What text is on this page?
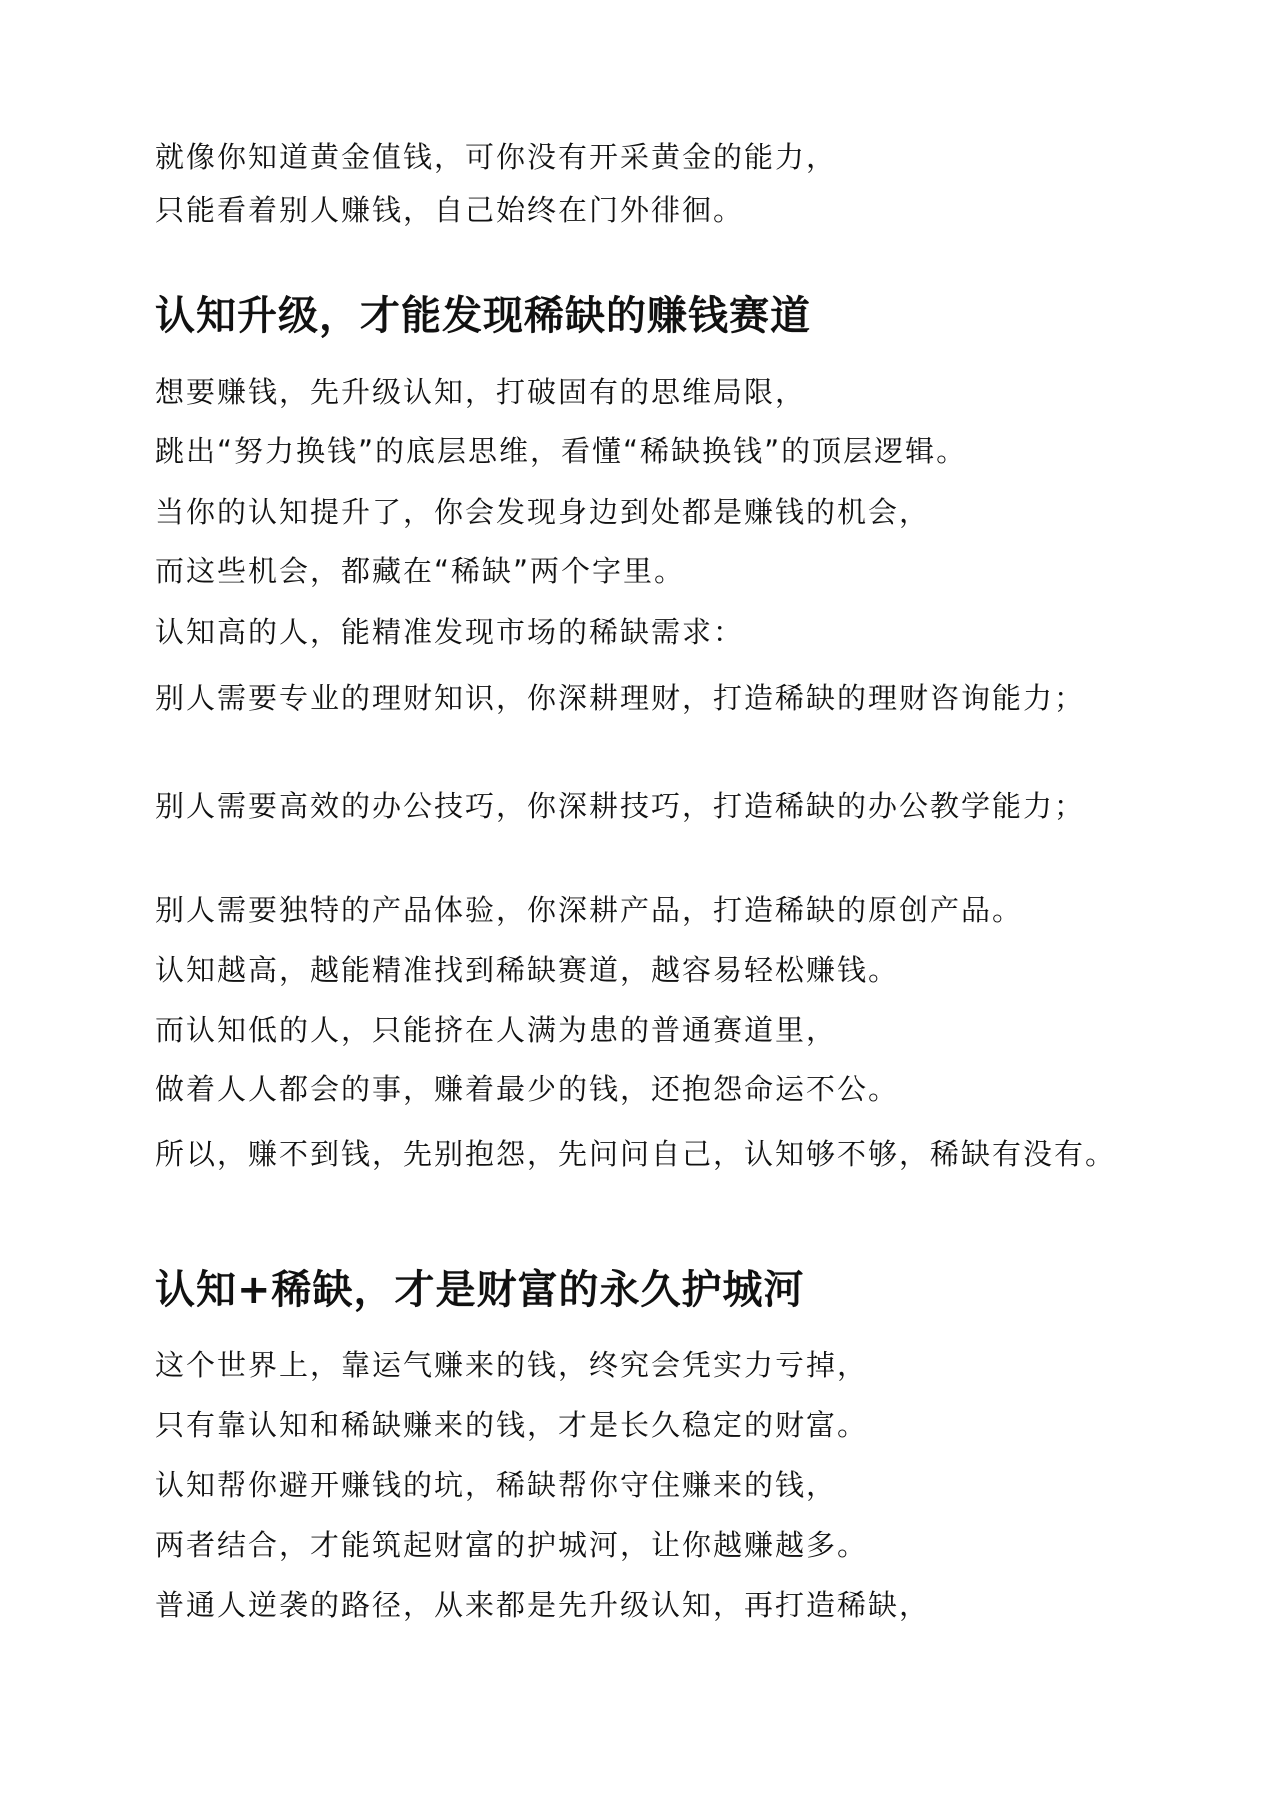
就像你知道黄金值钱，可你没有开采黄金的能力，
只能看着别人赚钱，自己始终在门外徘徊。
认知升级，才能发现稀缺的赚钱赛道
想要赚钱，先升级认知，打破固有的思维局限，
跳出“努力换钱”的底层思维，看懂“稀缺换钱”的顶层逻辑。
当你的认知提升了，你会发现身边到处都是赚钱的机会，
而这些机会，都藏在“稀缺”两个字里。
认知高的人，能精准发现市场的稀缺需求：
别人需要专业的理财知识，你深耕理财，打造稀缺的理财咨询能力；
别人需要高效的办公技巧，你深耕技巧，打造稀缺的办公教学能力；
别人需要独特的产品体验，你深耕产品，打造稀缺的原创产品。
认知越高，越能精准找到稀缺赛道，越容易轻松赚钱。
而认知低的人，只能挤在人满为患的普通赛道里，
做着人人都会的事，赚着最少的钱，还抱怨命运不公。
所以，赚不到钱，先别抱怨，先问问自己，认知够不够，稀缺有没有。
认知+稀缺，才是财富的永久护城河
这个世界上，靠运气赚来的钱，终究会凭实力亏掉，
只有靠认知和稀缺赚来的钱，才是长久稳定的财富。
认知帮你避开赚钱的坑，稀缺帮你守住赚来的钱，
两者结合，才能筑起财富的护城河，让你越赚越多。
普通人逆袭的路径，从来都是先升级认知，再打造稀缺，
